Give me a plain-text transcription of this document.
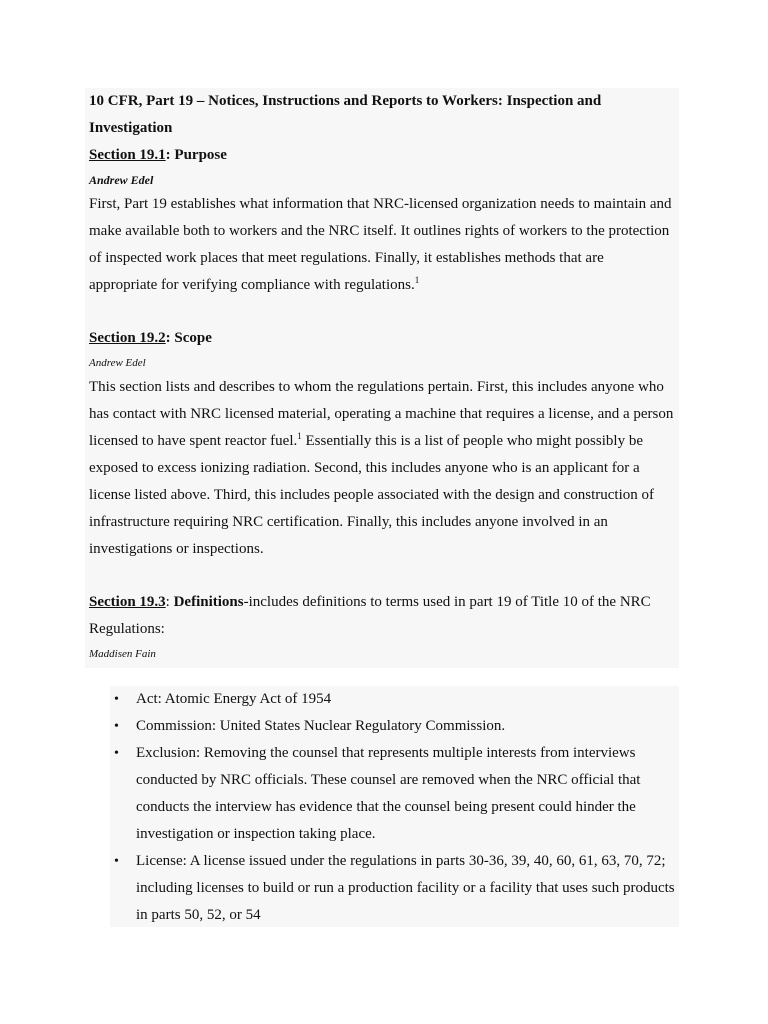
10 CFR, Part 19 – Notices, Instructions and Reports to Workers: Inspection and Investigation

Section 19.1: Purpose

Andrew Edel

First, Part 19 establishes what information that NRC-licensed organization needs to maintain and make available both to workers and the NRC itself. It outlines rights of workers to the protection of inspected work places that meet regulations. Finally, it establishes methods that are appropriate for verifying compliance with regulations.$^1$

Section 19.2: Scope

Andrew Edel

This section lists and describes to whom the regulations pertain. First, this includes anyone who has contact with NRC licensed material, operating a machine that requires a license, and a person licensed to have spent reactor fuel.$^1$ Essentially this is a list of people who might possibly be exposed to excess ionizing radiation. Second, this includes anyone who is an applicant for a license listed above. Third, this includes people associated with the design and construction of infrastructure requiring NRC certification. Finally, this includes anyone involved in an investigations or inspections.

Section 19.3: Definitions-includes definitions to terms used in part 19 of Title 10 of the NRC Regulations:

Maddisen Fain

• Act: Atomic Energy Act of 1954
• Commission: United States Nuclear Regulatory Commission.
• Exclusion: Removing the counsel that represents multiple interests from interviews conducted by NRC officials. These counsel are removed when the NRC official that conducts the interview has evidence that the counsel being present could hinder the investigation or inspection taking place.
• License: A license issued under the regulations in parts 30-36, 39, 40, 60, 61, 63, 70, 72; including licenses to build or run a production facility or a facility that uses such products in parts 50, 52, or 54
